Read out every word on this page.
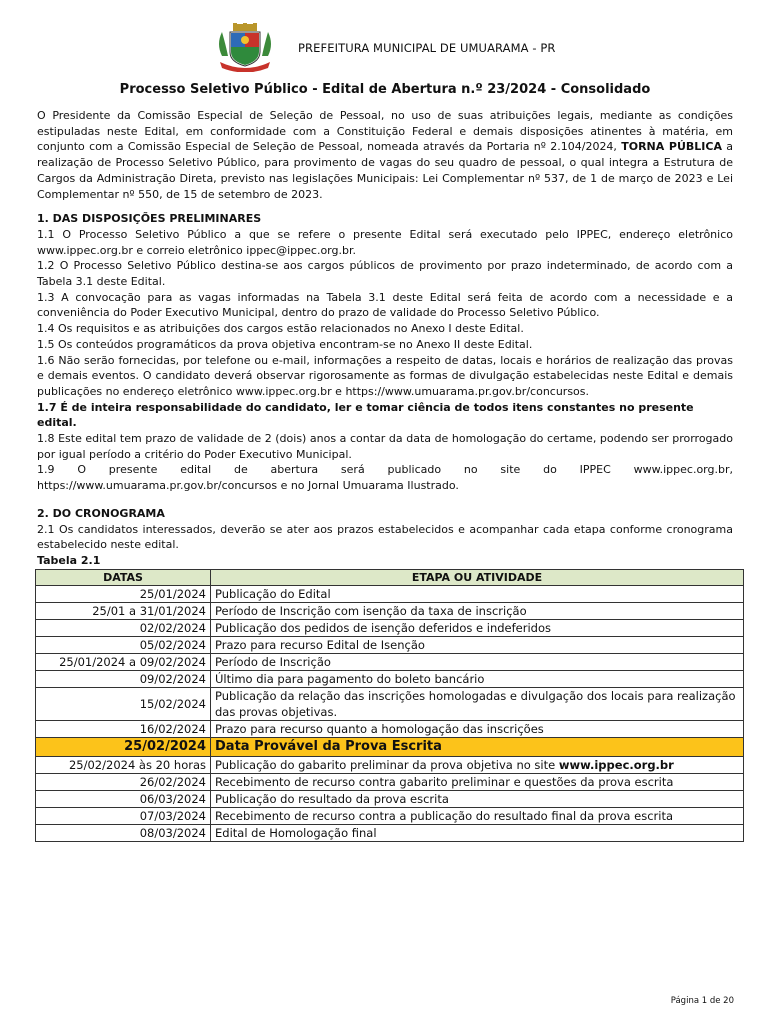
PREFEITURA MUNICIPAL DE UMUARAMA - PR
Processo Seletivo Público - Edital de Abertura n.º 23/2024 - Consolidado

O Presidente da Comissão Especial de Seleção de Pessoal, no uso de suas atribuições legais, mediante as condições estipuladas neste Edital, em conformidade com a Constituição Federal e demais disposições atinentes à matéria, em conjunto com a Comissão Especial de Seleção de Pessoal, nomeada através da Portaria nº 2.104/2024, TORNA PÚBLICA a realização de Processo Seletivo Público, para provimento de vagas do seu quadro de pessoal, o qual integra a Estrutura de Cargos da Administração Direta, previsto nas legislações Municipais: Lei Complementar nº 537, de 1 de março de 2023 e Lei Complementar nº 550, de 15 de setembro de 2023.

1. DAS DISPOSIÇÕES PRELIMINARES

1.1 O Processo Seletivo Público a que se refere o presente Edital será executado pelo IPPEC, endereço eletrônico www.ippec.org.br e correio eletrônico ippec@ippec.org.br.

1.2 O Processo Seletivo Público destina-se aos cargos públicos de provimento por prazo indeterminado, de acordo com a Tabela 3.1 deste Edital.

1.3 A convocação para as vagas informadas na Tabela 3.1 deste Edital será feita de acordo com a necessidade e a conveniência do Poder Executivo Municipal, dentro do prazo de validade do Processo Seletivo Público.

1.4 Os requisitos e as atribuições dos cargos estão relacionados no Anexo I deste Edital.

1.5 Os conteúdos programáticos da prova objetiva encontram-se no Anexo II deste Edital.

1.6 Não serão fornecidas, por telefone ou e-mail, informações a respeito de datas, locais e horários de realização das provas e demais eventos. O candidato deverá observar rigorosamente as formas de divulgação estabelecidas neste Edital e demais publicações no endereço eletrônico www.ippec.org.br e https://www.umuarama.pr.gov.br/concursos.

1.7 É de inteira responsabilidade do candidato, ler e tomar ciência de todos itens constantes no presente edital.

1.8 Este edital tem prazo de validade de 2 (dois) anos a contar da data de homologação do certame, podendo ser prorrogado por igual período a critério do Poder Executivo Municipal.

1.9 O presente edital de abertura será publicado no site do IPPEC www.ippec.org.br, https://www.umuarama.pr.gov.br/concursos e no Jornal Umuarama Ilustrado.

2. DO CRONOGRAMA

2.1 Os candidatos interessados, deverão se ater aos prazos estabelecidos e acompanhar cada etapa conforme cronograma estabelecido neste edital.

Tabela 2.1

DATAS	ETAPA OU ATIVIDADE
25/01/2024	Publicação do Edital
25/01 a 31/01/2024	Período de Inscrição com isenção da taxa de inscrição
02/02/2024	Publicação dos pedidos de isenção deferidos e indeferidos
05/02/2024	Prazo para recurso Edital de Isenção
25/01/2024 a 09/02/2024	Período de Inscrição
09/02/2024	Último dia para pagamento do boleto bancário
15/02/2024	Publicação da relação das inscrições homologadas e divulgação dos locais para realização das provas objetivas.
16/02/2024	Prazo para recurso quanto a homologação das inscrições
25/02/2024	Data Provável da Prova Escrita
25/02/2024 às 20 horas	Publicação do gabarito preliminar da prova objetiva no site www.ippec.org.br
26/02/2024	Recebimento de recurso contra gabarito preliminar e questões da prova escrita
06/03/2024	Publicação do resultado da prova escrita
07/03/2024	Recebimento de recurso contra a publicação do resultado final da prova escrita
08/03/2024	Edital de Homologação final
Página 1 de 20
